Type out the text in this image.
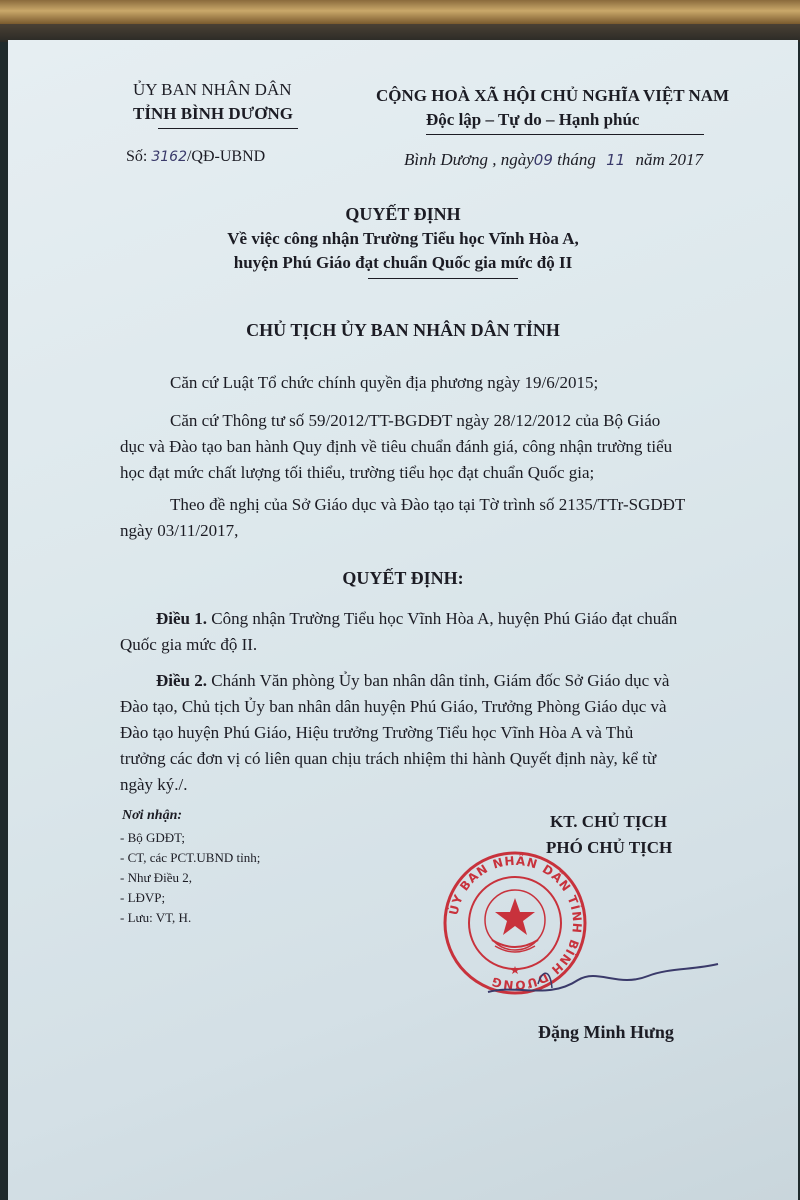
ỦY BAN NHÂN DÂN
TỈNH BÌNH DƯƠNG
CỘNG HOÀ XÃ HỘI CHỦ NGHĨA VIỆT NAM
Độc lập – Tự do – Hạnh phúc
Số: 3162/QĐ-UBND	Bình Dương , ngày09 tháng 11 năm 2017
QUYẾT ĐỊNH
Về việc công nhận Trường Tiểu học Vĩnh Hòa A,
huyện Phú Giáo đạt chuẩn Quốc gia mức độ II
CHỦ TỊCH ỦY BAN NHÂN DÂN TỈNH
Căn cứ Luật Tổ chức chính quyền địa phương ngày 19/6/2015;
Căn cứ Thông tư số 59/2012/TT-BGDĐT ngày 28/12/2012 của Bộ Giáo
dục và Đào tạo ban hành Quy định về tiêu chuẩn đánh giá, công nhận trường tiểu
học đạt mức chất lượng tối thiểu, trường tiểu học đạt chuẩn Quốc gia;
Theo đề nghị của Sở Giáo dục và Đào tạo tại Tờ trình số 2135/TTr-SGDĐT
ngày 03/11/2017,
QUYẾT ĐỊNH:
Điều 1. Công nhận Trường Tiểu học Vĩnh Hòa A, huyện Phú Giáo đạt chuẩn
Quốc gia mức độ II.
Điều 2. Chánh Văn phòng Ủy ban nhân dân tỉnh, Giám đốc Sở Giáo dục và
Đào tạo, Chủ tịch Ủy ban nhân dân huyện Phú Giáo, Trưởng Phòng Giáo dục và
Đào tạo huyện Phú Giáo, Hiệu trưởng Trường Tiểu học Vĩnh Hòa A và Thủ
trưởng các đơn vị có liên quan chịu trách nhiệm thi hành Quyết định này, kể từ
ngày ký./.
Nơi nhận:
- Bộ GDĐT;
- CT, các PCT.UBND tỉnh;
- Như Điều 2,
- LĐVP;
- Lưu: VT, H.
KT. CHỦ TỊCH
PHÓ CHỦ TỊCH
ỦY BAN NHÂN DÂN TỈNH BÌNH DƯƠNG
Đặng Minh Hưng
